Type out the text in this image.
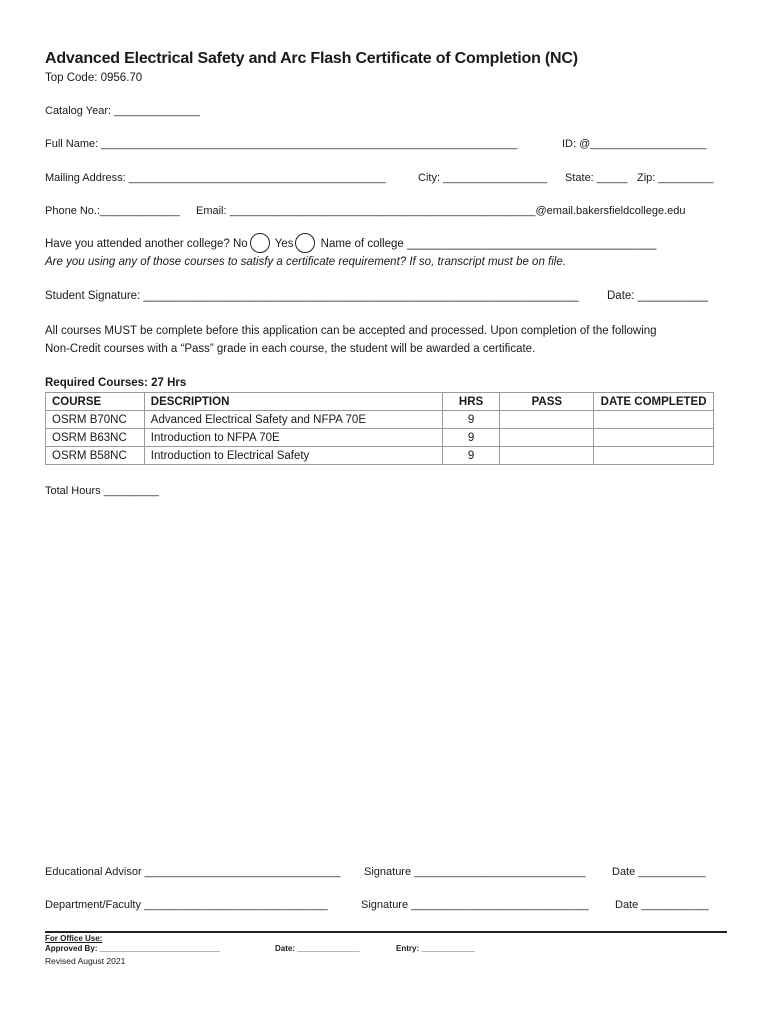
Advanced Electrical Safety and Arc Flash Certificate of Completion (NC)
Top Code: 0956.70
Catalog Year: ______________
Full Name: ____________________________________________________________________	ID: @___________________
Mailing Address: __________________________________________	City: _________________ State: _____ Zip: _________
Phone No.:_____________ Email: __________________________________________________@email.bakersfieldcollege.edu
Have you attended another college? No Yes Name of college _______________________________________
Are you using any of those courses to satisfy a certificate requirement? If so, transcript must be on file.
Student Signature: ____________________________________________________________________ Date: ___________
All courses MUST be complete before this application can be accepted and processed. Upon completion of the following
Non-Credit courses with a “Pass” grade in each course, the student will be awarded a certificate.
Required Courses: 27 Hrs
COURSE	DESCRIPTION	HRS	PASS	DATE COMPLETED
OSRM B70NC	Advanced Electrical Safety and NFPA 70E	9		
OSRM B63NC	Introduction to NFPA 70E	9		
OSRM B58NC	Introduction to Electrical Safety	9		
Total Hours _________
Educational Advisor ________________________________ Signature ____________________________ Date ___________
Department/Faculty ______________________________	Signature _____________________________ Date ___________
For Office Use:
Approved By: ___________________________	Date: ______________	Entry: ____________
Revised August 2021
